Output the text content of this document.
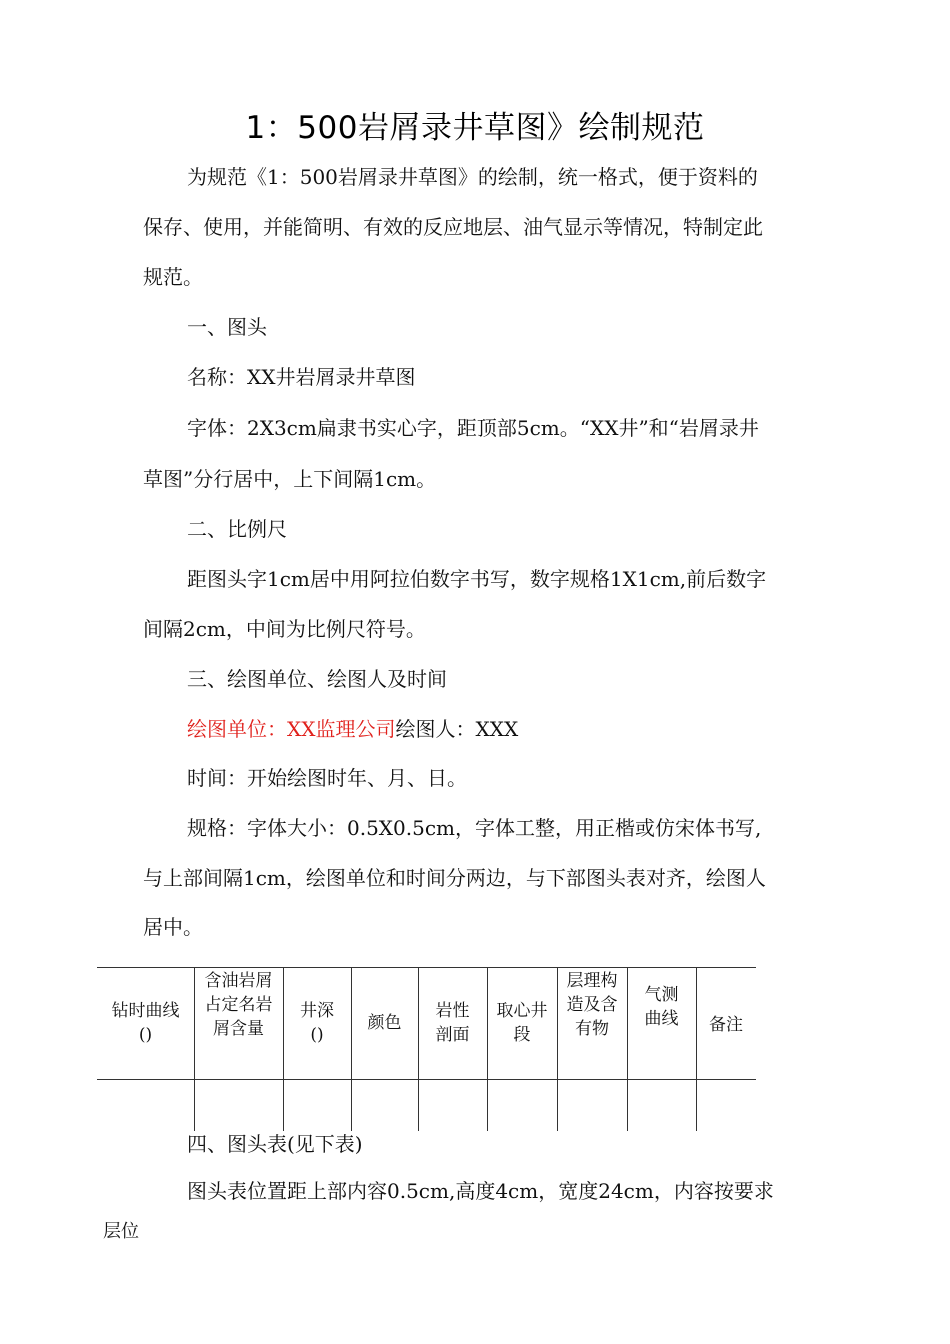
1：500岩屑录井草图》绘制规范
为规范《1：500岩屑录井草图》的绘制，统一格式，便于资料的
保存、使用，并能简明、有效的反应地层、油气显示等情况，特制定此
规范。
一、图头
名称：XX井岩屑录井草图
字体：2X3cm扁隶书实心字，距顶部5cm。“XX井”和“岩屑录井
草图”分行居中，上下间隔1cm。
二、比例尺
距图头字1cm居中用阿拉伯数字书写，数字规格1X1cm,前后数字
间隔2cm，中间为比例尺符号。
三、绘图单位、绘图人及时间
绘图单位：XX监理公司绘图人：XXX
时间：开始绘图时年、月、日。
规格：字体大小：0.5X0.5cm，字体工整，用正楷或仿宋体书写,
与上部间隔1cm，绘图单位和时间分两边，与下部图头表对齐，绘图人
居中。
钻时曲线
()
含油岩屑
占定名岩
屑含量
井深
()
颜色
岩性
剖面
取心井
段
层理构
造及含
有物
气测
曲线 备注
四、图头表(见下表)
图头表位置距上部内容0.5cm,高度4cm，宽度24cm，内容按要求
层位
